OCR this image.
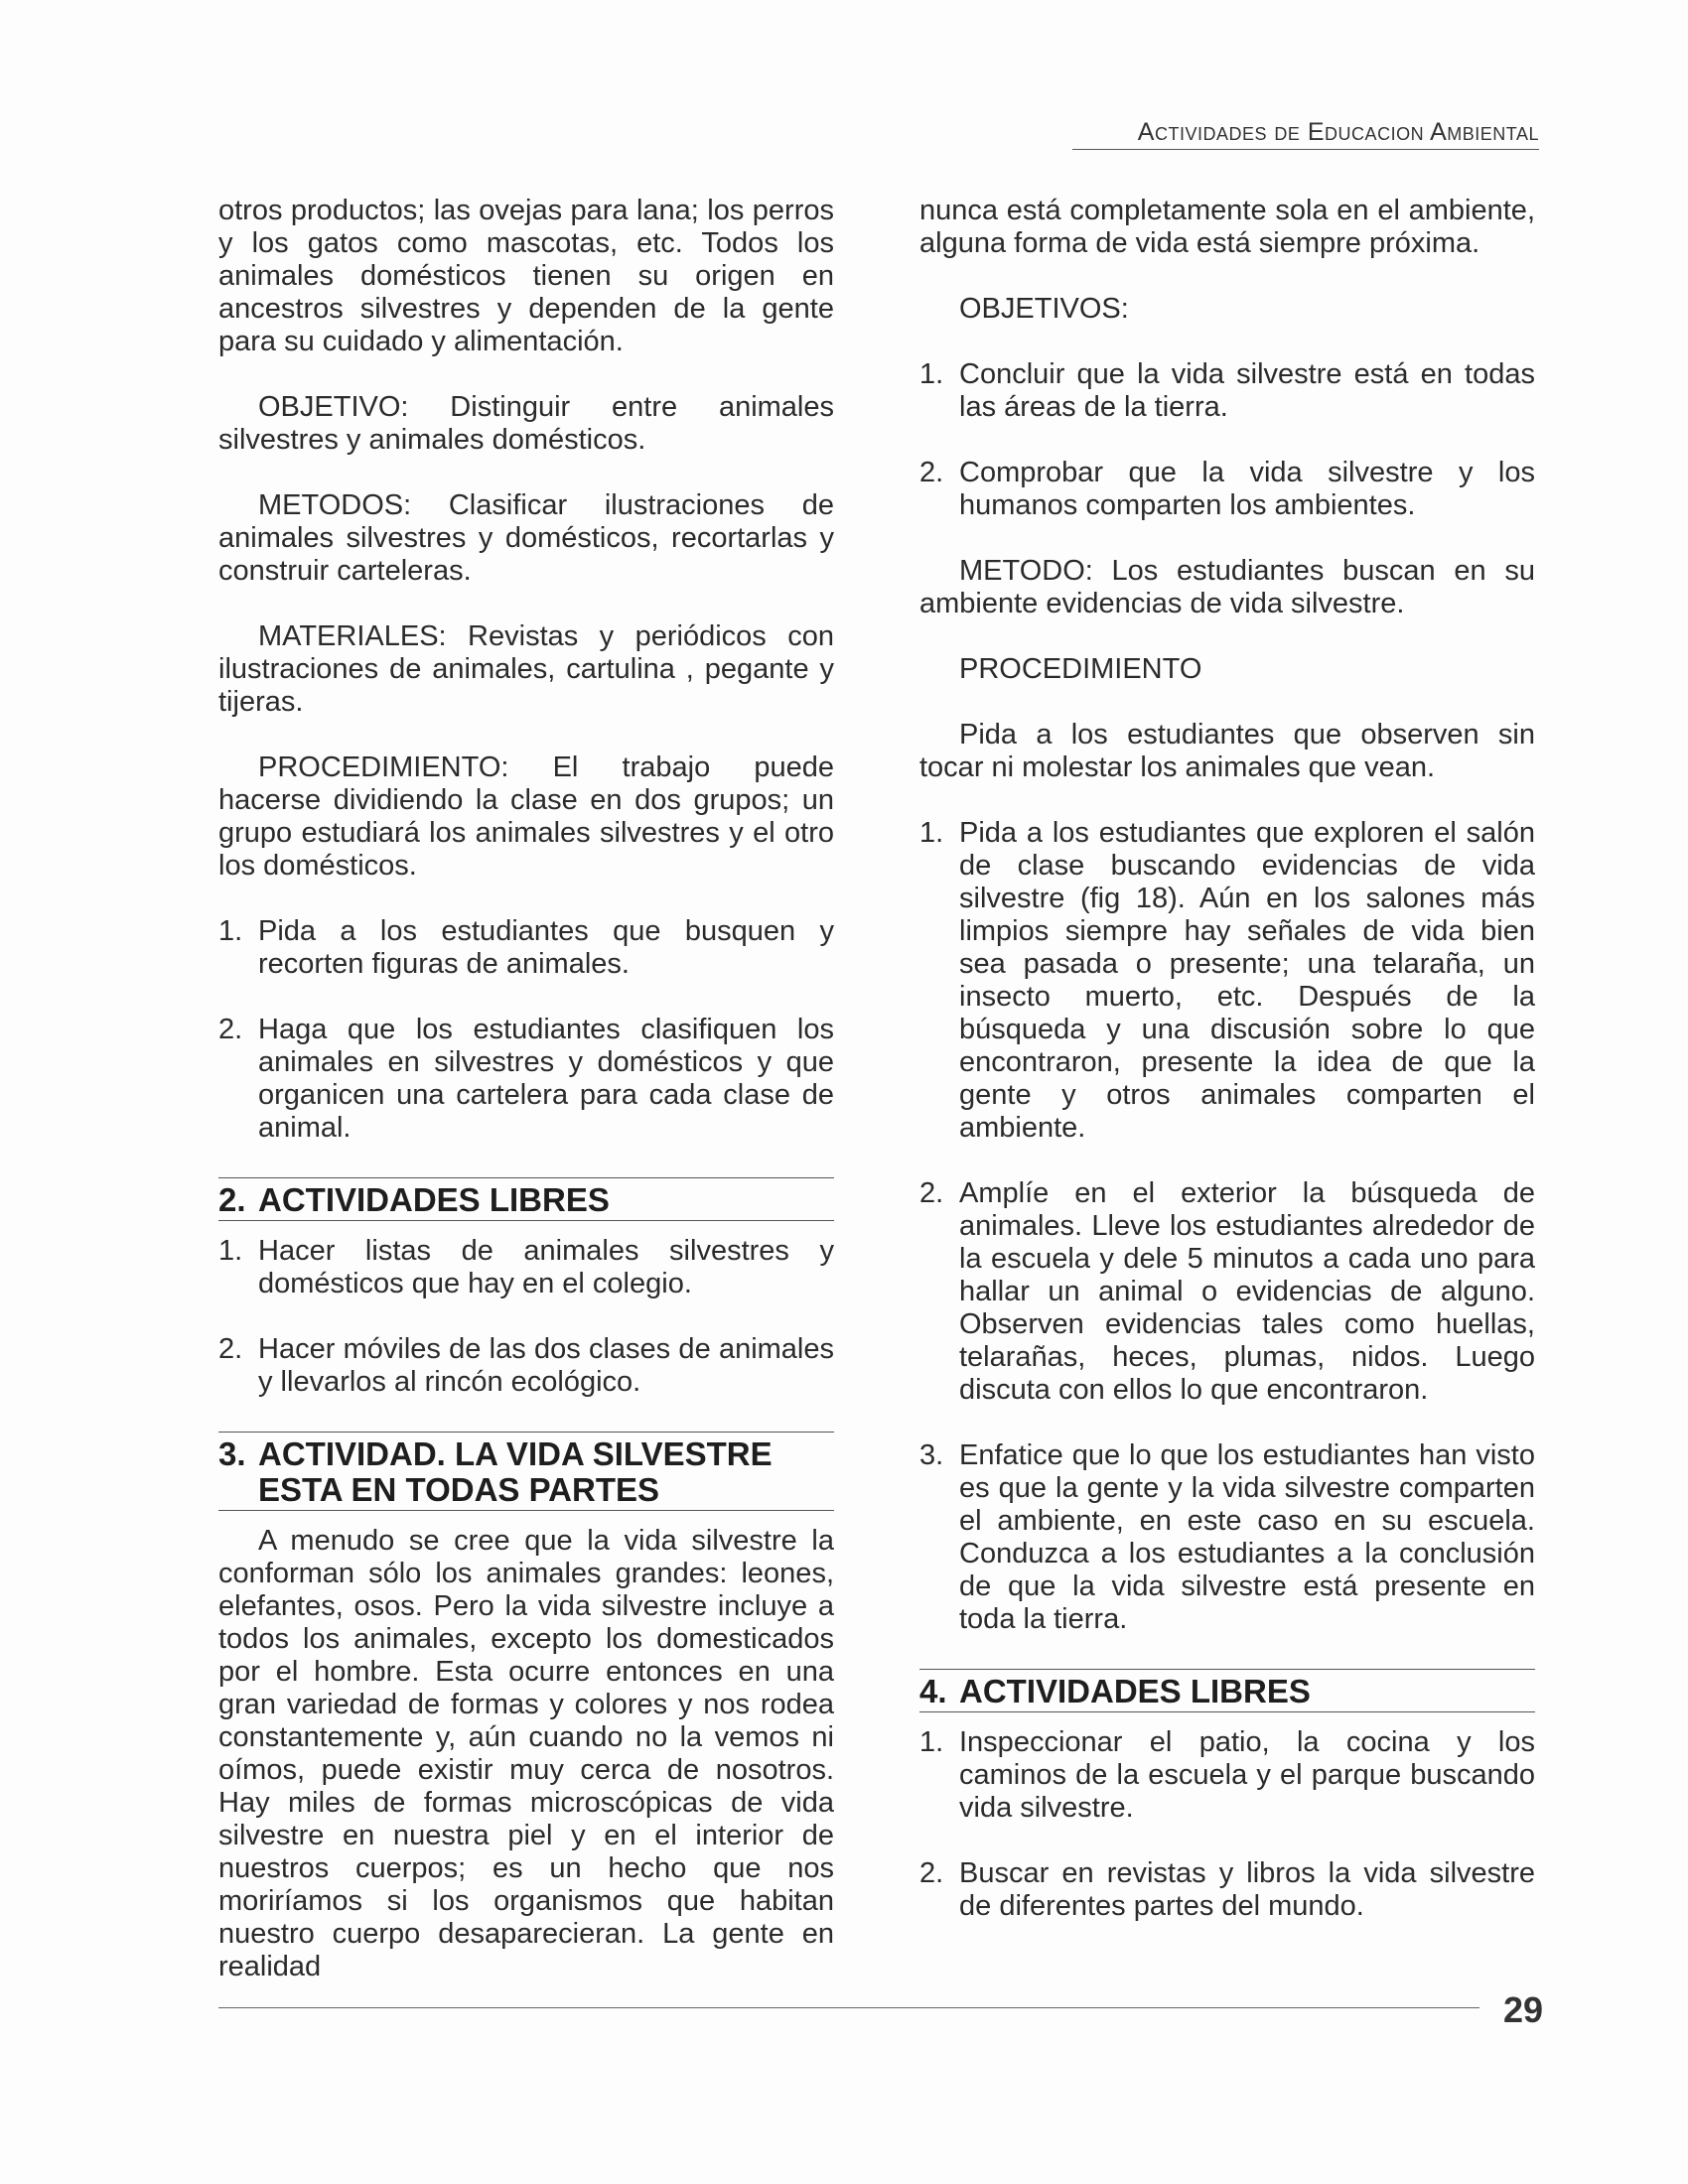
Actividades de Educacion Ambiental

otros productos; las ovejas para lana; los perros y los gatos como mascotas, etc. Todos los animales domésticos tienen su origen en ancestros silvestres y dependen de la gente para su cuidado y alimentación.

OBJETIVO: Distinguir entre animales silvestres y animales domésticos.

METODOS: Clasificar ilustraciones de animales silvestres y domésticos, recortarlas y construir carteleras.

MATERIALES: Revistas y periódicos con ilustraciones de animales, cartulina , pegante y tijeras.

PROCEDIMIENTO: El trabajo puede hacerse dividiendo la clase en dos grupos; un grupo estudiará los animales silvestres y el otro los domésticos.

1. Pida a los estudiantes que busquen y recorten figuras de animales.
2. Haga que los estudiantes clasifiquen los animales en silvestres y domésticos y que organicen una cartelera para cada clase de animal.
2. ACTIVIDADES LIBRES
1. Hacer listas de animales silvestres y domésticos que hay en el colegio.
2. Hacer móviles de las dos clases de animales y llevarlos al rincón ecológico.
3. ACTIVIDAD. LA VIDA SILVESTRE ESTA EN TODAS PARTES

A menudo se cree que la vida silvestre la conforman sólo los animales grandes: leones, elefantes, osos. Pero la vida silvestre incluye a todos los animales, excepto los domesticados por el hombre. Esta ocurre entonces en una gran variedad de formas y colores y nos rodea constantemente y, aún cuando no la vemos ni oímos, puede existir muy cerca de nosotros. Hay miles de formas microscópicas de vida silvestre en nuestra piel y en el interior de nuestros cuerpos; es un hecho que nos moriríamos si los organismos que habitan nuestro cuerpo desaparecieran. La gente en realidad

nunca está completamente sola en el ambiente, alguna forma de vida está siempre próxima.

OBJETIVOS:

1. Concluir que la vida silvestre está en todas las áreas de la tierra.
2. Comprobar que la vida silvestre y los humanos comparten los ambientes.

METODO: Los estudiantes buscan en su ambiente evidencias de vida silvestre.

PROCEDIMIENTO

Pida a los estudiantes que observen sin tocar ni molestar los animales que vean.

1. Pida a los estudiantes que exploren el salón de clase buscando evidencias de vida silvestre (fig 18). Aún en los salones más limpios siempre hay señales de vida bien sea pasada o presente; una telaraña, un insecto muerto, etc. Después de la búsqueda y una discusión sobre lo que encontraron, presente la idea de que la gente y otros animales comparten el ambiente.
2. Amplíe en el exterior la búsqueda de animales. Lleve los estudiantes alrededor de la escuela y dele 5 minutos a cada uno para hallar un animal o evidencias de alguno. Observen evidencias tales como huellas, telarañas, heces, plumas, nidos. Luego discuta con ellos lo que encontraron.
3. Enfatice que lo que los estudiantes han visto es que la gente y la vida silvestre comparten el ambiente, en este caso en su escuela. Conduzca a los estudiantes a la conclusión de que la vida silvestre está presente en toda la tierra.
4. ACTIVIDADES LIBRES
1. Inspeccionar el patio, la cocina y los caminos de la escuela y el parque buscando vida silvestre.
2. Buscar en revistas y libros la vida silvestre de diferentes partes del mundo.
29
